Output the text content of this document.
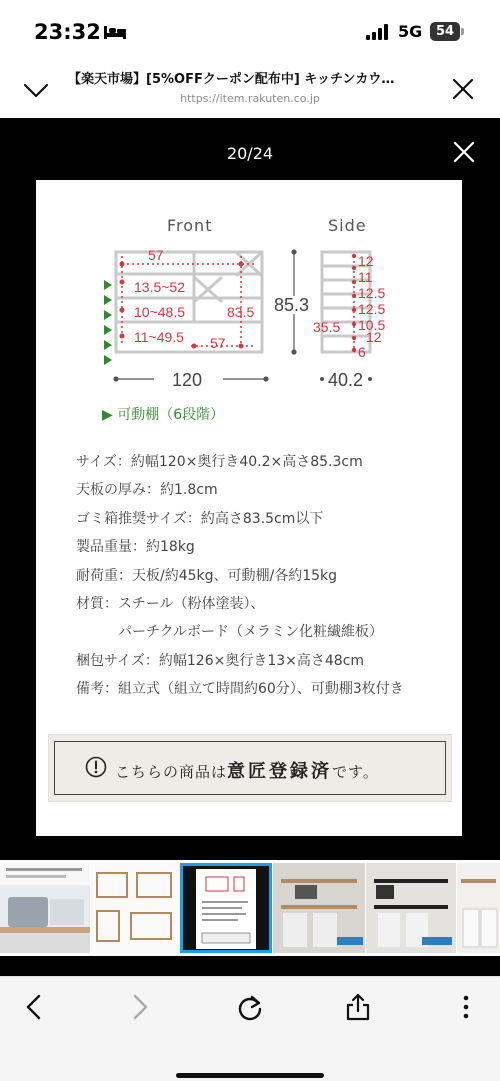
23:32	5G	54
【楽天市場】[5%OFFクーポン配布中] キッチンカウ…
https://item.rakuten.co.jp
20/24
Front	Side
57
13.5~52
10~48.5	83.5
11~49.5 57
120
85.3
12
11
12.5
12.5
10.5
12
6
35.5
40.2
▶ 可動棚（6段階）
サイズ：約幅120×奥行き40.2×高さ85.3cm
天板の厚み：約1.8cm
ゴミ箱推奨サイズ：約高さ83.5cm以下
製品重量：約18kg
耐荷重：天板/約45kg、可動棚/各約15kg
材質：スチール（粉体塗装）、
パーチクルボード（メラミン化粧繊維板）
梱包サイズ：約幅126×奥行き13×高さ48cm
備考：組立式（組立て時間約60分）、可動棚3枚付き
こちらの商品は意匠登録済です。
